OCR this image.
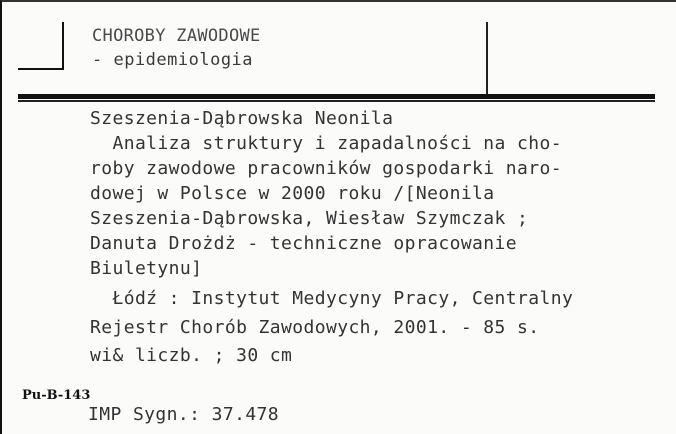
CHOROBY ZAWODOWE
- epidemiologia
Szeszenia-Dąbrowska Neonila
Analiza struktury i zapadalności na cho-
roby zawodowe pracowników gospodarki naro-
dowej w Polsce w 2000 roku /[Neonila
Szeszenia-Dąbrowska, Wiesław Szymczak ;
Danuta Drożdż - techniczne opracowanie
Biuletynu]
Łódź : Instytut Medycyny Pracy, Centralny
Rejestr Chorób Zawodowych, 2001. - 85 s.
wi& liczb. ; 30 cm
Pu-B-143
IMP Sygn.: 37.478
